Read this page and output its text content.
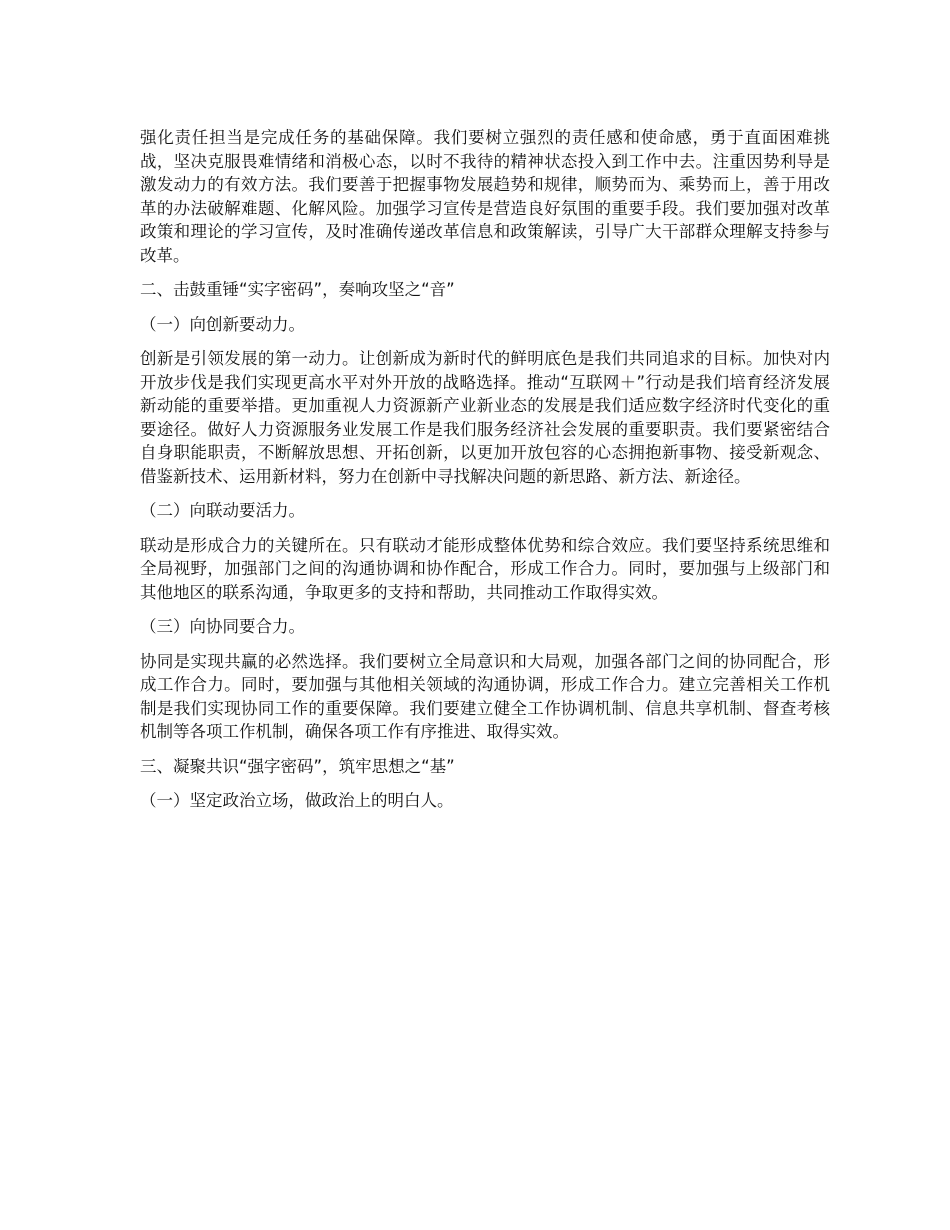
强化责任担当是完成任务的基础保障。我们要树立强烈的责任感和使命感，勇于直面困难挑战，坚决克服畏难情绪和消极心态，以时不我待的精神状态投入到工作中去。注重因势利导是激发动力的有效方法。我们要善于把握事物发展趋势和规律，顺势而为、乘势而上，善于用改革的办法破解难题、化解风险。加强学习宣传是营造良好氛围的重要手段。我们要加强对改革政策和理论的学习宣传，及时准确传递改革信息和政策解读，引导广大干部群众理解支持参与改革。

二、击鼓重锤“实字密码”，奏响攻坚之“音”

（一）向创新要动力。

创新是引领发展的第一动力。让创新成为新时代的鲜明底色是我们共同追求的目标。加快对内开放步伐是我们实现更高水平对外开放的战略选择。推动“互联网＋”行动是我们培育经济发展新动能的重要举措。更加重视人力资源新产业新业态的发展是我们适应数字经济时代变化的重要途径。做好人力资源服务业发展工作是我们服务经济社会发展的重要职责。我们要紧密结合自身职能职责，不断解放思想、开拓创新，以更加开放包容的心态拥抱新事物、接受新观念、借鉴新技术、运用新材料，努力在创新中寻找解决问题的新思路、新方法、新途径。

（二）向联动要活力。

联动是形成合力的关键所在。只有联动才能形成整体优势和综合效应。我们要坚持系统思维和全局视野，加强部门之间的沟通协调和协作配合，形成工作合力。同时，要加强与上级部门和其他地区的联系沟通，争取更多的支持和帮助，共同推动工作取得实效。

（三）向协同要合力。

协同是实现共赢的必然选择。我们要树立全局意识和大局观，加强各部门之间的协同配合，形成工作合力。同时，要加强与其他相关领域的沟通协调，形成工作合力。建立完善相关工作机制是我们实现协同工作的重要保障。我们要建立健全工作协调机制、信息共享机制、督查考核机制等各项工作机制，确保各项工作有序推进、取得实效。

三、凝聚共识“强字密码”，筑牢思想之“基”

（一）坚定政治立场，做政治上的明白人。
